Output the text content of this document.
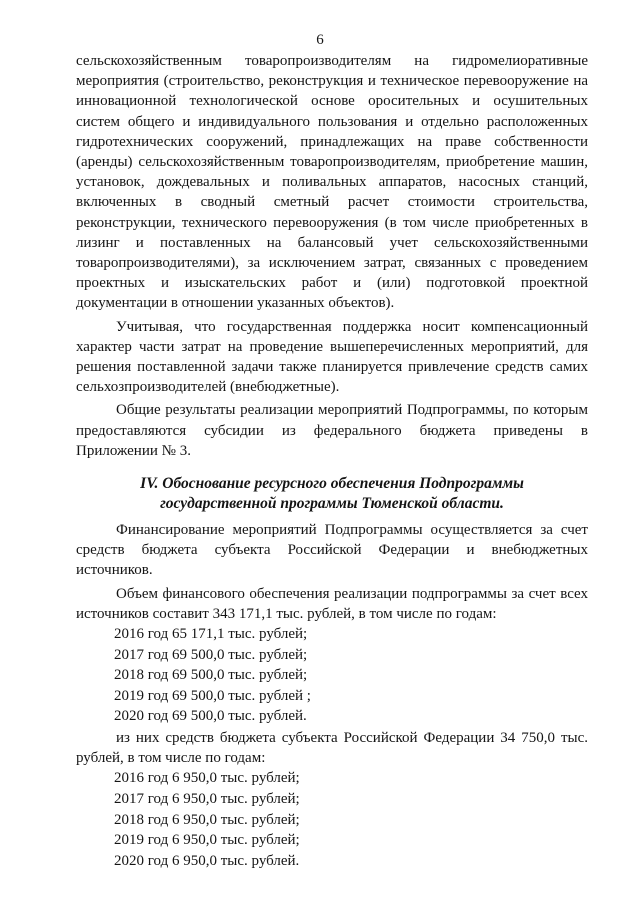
6

сельскохозяйственным товаропроизводителям на гидромелиоративные мероприятия (строительство, реконструкция и техническое перевооружение на инновационной технологической основе оросительных и осушительных систем общего и индивидуального пользования и отдельно расположенных гидротехнических сооружений, принадлежащих на праве собственности (аренды) сельскохозяйственным товаропроизводителям, приобретение машин, установок, дождевальных и поливальных аппаратов, насосных станций, включенных в сводный сметный расчет стоимости строительства, реконструкции, технического перевооружения (в том числе приобретенных в лизинг и поставленных на балансовый учет сельскохозяйственными товаропроизводителями), за исключением затрат, связанных с проведением проектных и изыскательских работ и (или) подготовкой проектной документации в отношении указанных объектов).

Учитывая, что государственная поддержка носит компенсационный характер части затрат на проведение вышеперечисленных мероприятий, для решения поставленной задачи также планируется привлечение средств самих сельхозпроизводителей (внебюджетные).

Общие результаты реализации мероприятий Подпрограммы, по которым предоставляются субсидии из федерального бюджета приведены в Приложении № 3.

IV. Обоснование ресурсного обеспечения Подпрограммы
государственной программы Тюменской области.

Финансирование мероприятий Подпрограммы осуществляется за счет средств бюджета субъекта Российской Федерации и внебюджетных источников.

Объем финансового обеспечения реализации подпрограммы за счет всех источников составит 343 171,1 тыс. рублей, в том числе по годам:

2016 год 65 171,1 тыс. рублей;
2017 год 69 500,0 тыс. рублей;
2018 год 69 500,0 тыс. рублей;
2019 год 69 500,0 тыс. рублей ;
2020 год 69 500,0 тыс. рублей.

из них средств бюджета субъекта Российской Федерации 34 750,0 тыс. рублей, в том числе по годам:

2016 год 6 950,0 тыс. рублей;
2017 год 6 950,0 тыс. рублей;
2018 год 6 950,0 тыс. рублей;
2019 год 6 950,0 тыс. рублей;
2020 год 6 950,0 тыс. рублей.
